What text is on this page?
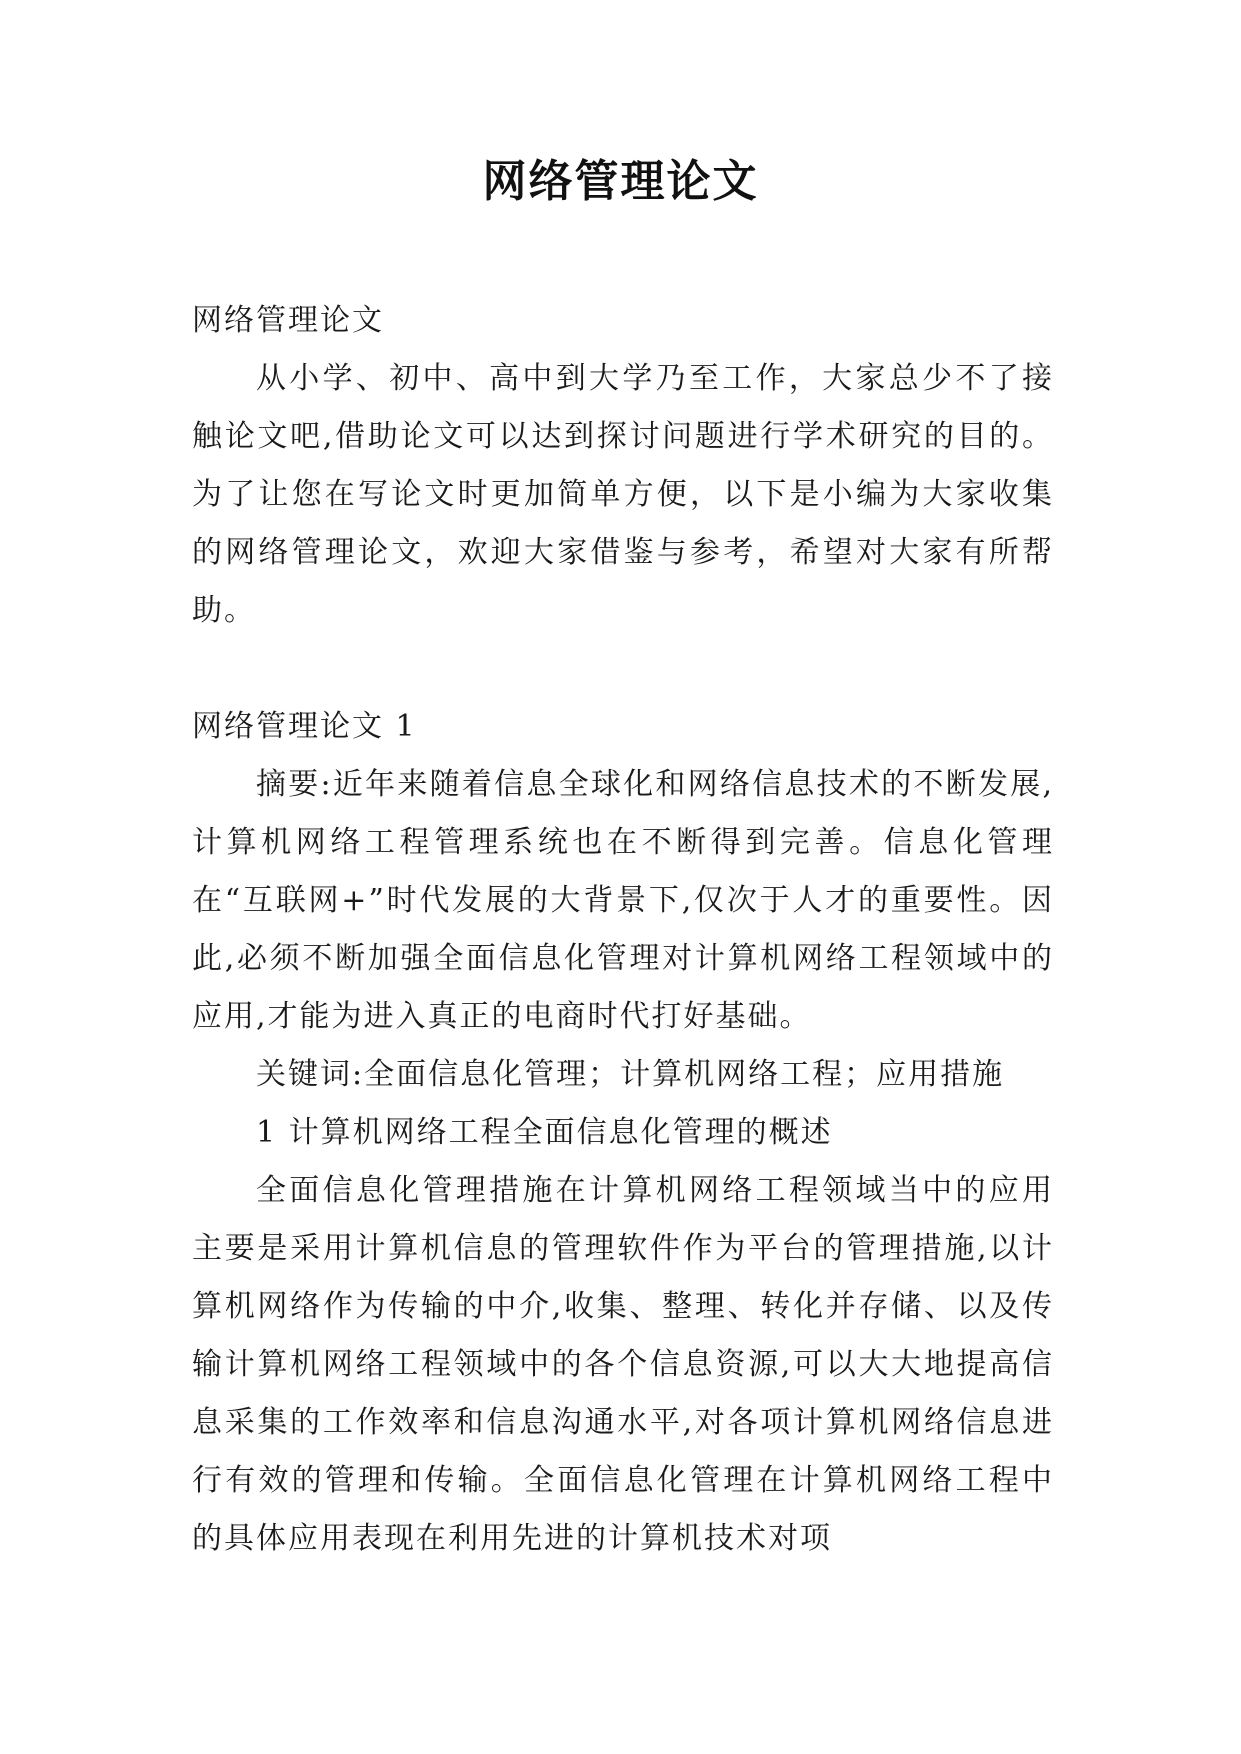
网络管理论文

网络管理论文

从小学、初中、高中到大学乃至工作，大家总少不了接触论文吧,借助论文可以达到探讨问题进行学术研究的目的。为了让您在写论文时更加简单方便，以下是小编为大家收集的网络管理论文，欢迎大家借鉴与参考，希望对大家有所帮助。

网络管理论文 1

摘要:近年来随着信息全球化和网络信息技术的不断发展,计算机网络工程管理系统也在不断得到完善。信息化管理在“互联网+”时代发展的大背景下,仅次于人才的重要性。因此,必须不断加强全面信息化管理对计算机网络工程领域中的应用,才能为进入真正的电商时代打好基础。

关键词:全面信息化管理；计算机网络工程；应用措施

1 计算机网络工程全面信息化管理的概述

全面信息化管理措施在计算机网络工程领域当中的应用主要是采用计算机信息的管理软件作为平台的管理措施,以计算机网络作为传输的中介,收集、整理、转化并存储、以及传输计算机网络工程领域中的各个信息资源,可以大大地提高信息采集的工作效率和信息沟通水平,对各项计算机网络信息进行有效的管理和传输。全面信息化管理在计算机网络工程中的具体应用表现在利用先进的计算机技术对项
